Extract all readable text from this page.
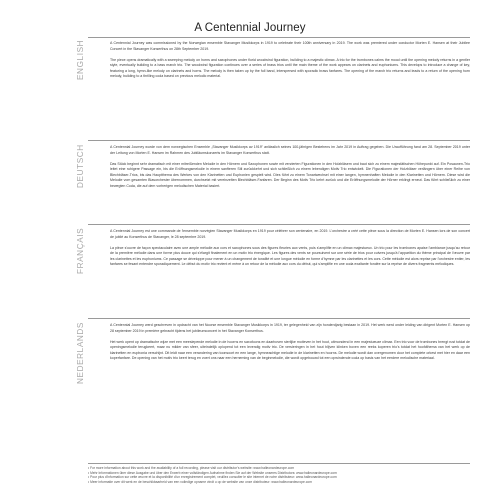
A Centennial Journey
ENGLISH	A Centennial Journey was commissioned by the Norwegian ensemble Stavanger Musikkorps in 1919 to celebrate their 100th anniversary in 2019. The work was premiered under conductor Morten E. Hansen at their Jubilee Concert in the Stavanger Konserthus on 28th September 2019.

The piece opens dramatically with a sweeping melody on horns and saxophones under florid woodwind figuration, building to a majestic climax. A trio for the trombones calms the mood until the opening melody returns in a gentler style, eventually building to a bass march trio. The woodwind figuration continues over a series of brass trios until the main theme of the work appears on clarinets and euphoniums. This develops to introduce a change of key, featuring a long, hymn-like melody on clarinets and horns. The melody is then taken up by the full band, interspersed with sporadic brass fanfares. The opening of the march trio returns and leads to a return of the opening horn melody, building to a thrilling coda based on previous melodic material.

DEUTSCH	A Centennial Journey wurde von dem norwegischen Ensemble „Stavanger Musikkorps av 1919" anlässlich seines 100-jährigen Bestehens im Jahr 2019 in Auftrag gegeben. Die Uraufführung fand am 28. September 2019 unter der Leitung von Morten E. Hansen im Rahmen des Jubiläumskonzerts im Stavanger Konserthus statt.

Das Stück beginnt sehr dramatisch mit einer mitreißenden Melodie in den Hörnern und Saxophonen sowie mit verzierten Figurationen in den Holzbläsern und baut sich zu einem majestätischen Höhepunkt auf. Ein Posaunen-Trio leitet eine ruhigere Passage ein, bis die Eröffnungsmelodie in einem sanfteren Stil zurückkehrt und sich schließlich zu einem lebendigen Motiv Trio entwickelt. Die Figurationen der Holzbläser verlängern über einer Reihe von Blechbläser-Trios, bis das Hauptthema des Werkes von den Klarinetten und Euphonien gespielt wird. Dies führt zu einem Tonartwechsel mit einer langen, hymnenhaften Melodie in den Klarinetten und Hörnern. Diese wird die Melodie vom gesamten Blasorchester übernommen, durchsetzt mit vereinzelten Blechbläser-Fanfaren. Der Beginn des Motiv Trio kehrt zurück und die Eröffnungsmelodie der Hörner erklingt erneut. Das führt schließlich zu einer bewegten Coda, die auf dem vorherigen melodischen Material basiert.

FRANÇAIS	A Centennial Journey est une commande de l'ensemble norvégien Stavanger Musikkorps en 1919 pour célébrer son centenaire, en 2019. L'orchestre a créé cette pièce sous la direction de Morten E. Hansen lors de son concert de jubilé au Konserthus de Stavanger, le 28 septembre 2019.

La pièce s'ouvre de façon spectaculaire avec une ample mélodie aux cors et saxophones sous des figures fleuries aux vents, puis s'amplifie en un climax majestueux. Un trio pour les trombones apaise l'ambiance jusqu'au retour de la première mélodie dans une forme plus douce qui s'élargit finalement en un motiv trio énergique. Les figures des vents se poursuivent sur une série de trios pour cuivres jusqu'à l'apparition du thème principal de l'œuvre par les clarinettes et les euphoniums. Ce passage se développe pour mener à un changement de tonalité et une longue mélodie en forme d'hymne par les clarinettes et les cors. Cette mélodie est alors reprise par l'orchestre entier, les fanfares se fesant entendre sporadiquement. Le début du motiv trio revient et mène à un retour de la mélodie aux cors du début, qui s'amplifie en une coda exaltante fondée sur la reprise de divers fragments mélodiques.

NEDERLANDS	A Centennial Journey werd geschreven in opdracht van het Noorse ensemble Stavanger Musikkorps in 1919, ter gelegenheid van zijn honderdjarig bestaan in 2019. Het werk werd onder leiding van dirigent Morten E. Hansen op 28 september 2019 in première gebracht tijdens het jubileumconcert in het Stavanger Konserthus.

Het werk opent op dramatische wijze met een meeslepende melodie in de hoorns en saxofoons en daarboven sierlijke motieven in het hout, uitmondend in een majestueuze climax. Een trio voor de trombones brengt rust totdat de openingsmelodie terugkeert, maar nu milder van sfeer, uiteindelijk oplopend tot een levendig motiv trio. De versieringen in het hout blijven klinken boven een reeks koperen trio's totdat het hoofdthema van het werk op de klarinetten en euphonia verschijnt. Dit leidt naar een verandering van toonsoort en een lange, hymneachtige melodie in de klarinetten en hoorns. De melodie wordt dan overgenomen door het complete orkest met hier en daar een koperfanfare. De opening van het motiv trio keert terug en voert ons naar een herneming van de beginmelodie, die wordt opgebouwd tot een opwindende coda op basis van het eerdere melodische materiaal.

• For more information about this work and the availability of a full recording, please visit our distributor's website: www.halleonardeurope.com
• Mehr Informationen über diese Ausgabe und über den Erwerb einer vollständigen Aufnahme finden Sie auf der Website unseres Distributors: www.halleonardeurope.com
• Pour plus d'information sur cette œuvre et la disponibilité d'un enregistrement complet, veuillez consulter le site internet de notre distributeur: www.halleonardeurope.com
• Meer informatie over dit werk en de beschikbaarheid van een volledige opname vindt u op de website van onze distributeur: www.halleonardeurope.com
